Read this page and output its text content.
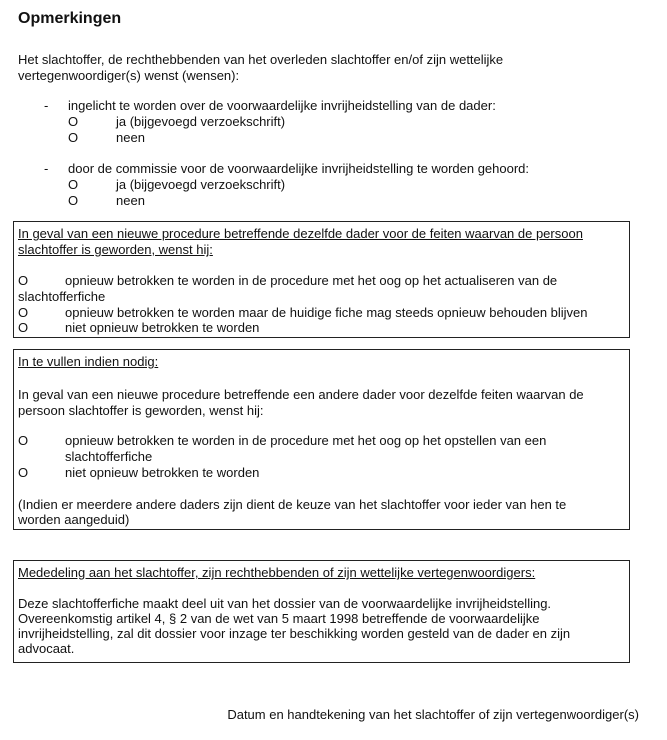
Opmerkingen
Het slachtoffer, de rechthebbenden van het overleden slachtoffer en/of zijn wettelijke
vertegenwoordiger(s) wenst (wensen):
- ingelicht te worden over de voorwaardelijke invrijheidstelling van de dader:
O	ja (bijgevoegd verzoekschrift)
O	neen
- door de commissie voor de voorwaardelijke invrijheidstelling te worden gehoord:
O	ja (bijgevoegd verzoekschrift)
O	neen
In geval van een nieuwe procedure betreffende dezelfde dader voor de feiten waarvan de persoon
slachtoffer is geworden, wenst hij:
O	opnieuw betrokken te worden in de procedure met het oog op het actualiseren van de
slachtofferfiche
O	opnieuw betrokken te worden maar de huidige fiche mag steeds opnieuw behouden blijven
O	niet opnieuw betrokken te worden
In te vullen indien nodig:
In geval van een nieuwe procedure betreffende een andere dader voor dezelfde feiten waarvan de
persoon slachtoffer is geworden, wenst hij:
O	opnieuw betrokken te worden in de procedure met het oog op het opstellen van een
slachtofferfiche
O	niet opnieuw betrokken te worden
(Indien er meerdere andere daders zijn dient de keuze van het slachtoffer voor ieder van hen te
worden aangeduid)
Mededeling aan het slachtoffer, zijn rechthebbenden of zijn wettelijke vertegenwoordigers:
Deze slachtofferfiche maakt deel uit van het dossier van de voorwaardelijke invrijheidstelling.
Overeenkomstig artikel 4, § 2 van de wet van 5 maart 1998 betreffende de voorwaardelijke
invrijheidstelling, zal dit dossier voor inzage ter beschikking worden gesteld van de dader en zijn
advocaat.
Datum en handtekening van het slachtoffer of zijn vertegenwoordiger(s)
